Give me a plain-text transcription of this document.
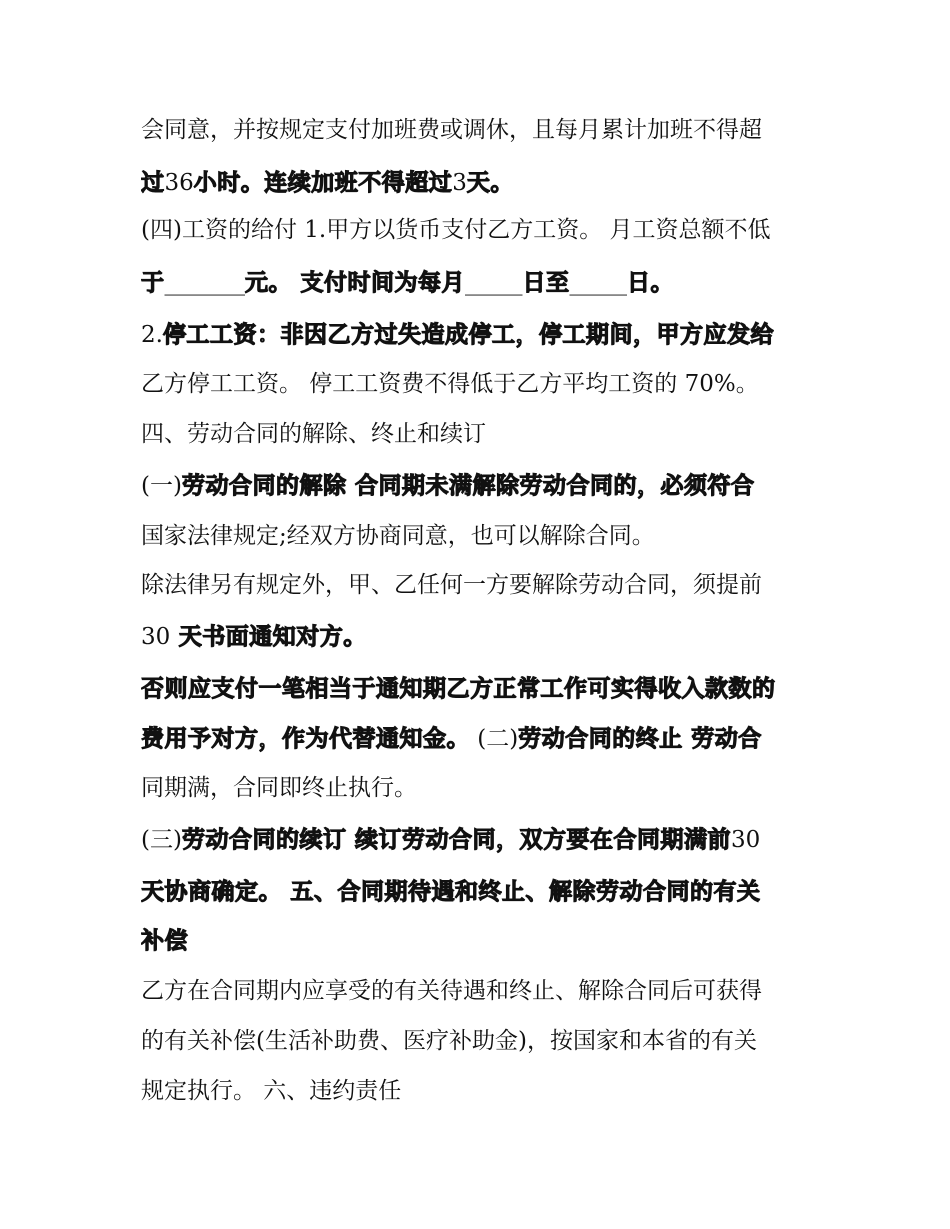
会同意，并按规定支付加班费或调休，且每月累计加班不得超
过36小时。连续加班不得超过3天。
(四)工资的给付 1.甲方以货币支付乙方工资。 月工资总额不低
于_______元。 支付时间为每月_____日至_____日。
2.停工工资：非因乙方过失造成停工，停工期间，甲方应发给
乙方停工工资。 停工工资费不得低于乙方平均工资的 70%。
四、劳动合同的解除、终止和续订
(一)劳动合同的解除 合同期未满解除劳动合同的，必须符合
国家法律规定;经双方协商同意，也可以解除合同。
除法律另有规定外，甲、乙任何一方要解除劳动合同，须提前
30 天书面通知对方。
否则应支付一笔相当于通知期乙方正常工作可实得收入款数的
费用予对方，作为代替通知金。 (二)劳动合同的终止 劳动合
同期满，合同即终止执行。
(三)劳动合同的续订 续订劳动合同，双方要在合同期满前30
天协商确定。 五、合同期待遇和终止、解除劳动合同的有关
补偿
乙方在合同期内应享受的有关待遇和终止、解除合同后可获得
的有关补偿(生活补助费、医疗补助金)，按国家和本省的有关
规定执行。 六、违约责任
